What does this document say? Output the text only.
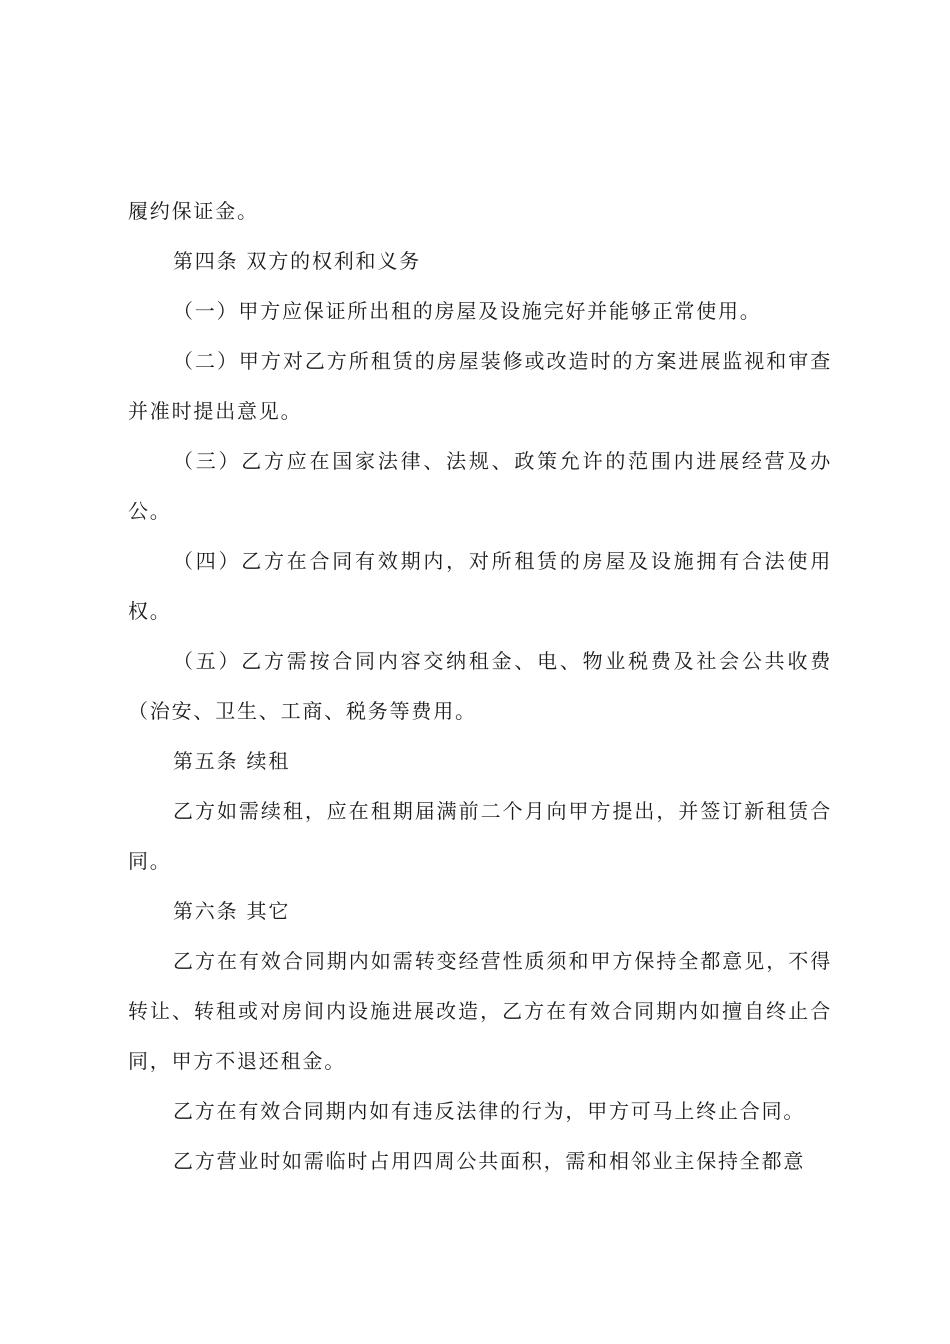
履约保证金。

第四条 双方的权利和义务

（一）甲方应保证所出租的房屋及设施完好并能够正常使用。

（二）甲方对乙方所租赁的房屋装修或改造时的方案进展监视和审查并准时提出意见。

（三）乙方应在国家法律、法规、政策允许的范围内进展经营及办公。

（四）乙方在合同有效期内，对所租赁的房屋及设施拥有合法使用权。

（五）乙方需按合同内容交纳租金、电、物业税费及社会公共收费（治安、卫生、工商、税务等费用。

第五条 续租

乙方如需续租，应在租期届满前二个月向甲方提出，并签订新租赁合同。

第六条 其它

乙方在有效合同期内如需转变经营性质须和甲方保持全都意见，不得转让、转租或对房间内设施进展改造，乙方在有效合同期内如擅自终止合同，甲方不退还租金。

乙方在有效合同期内如有违反法律的行为，甲方可马上终止合同。

乙方营业时如需临时占用四周公共面积，需和相邻业主保持全都意
